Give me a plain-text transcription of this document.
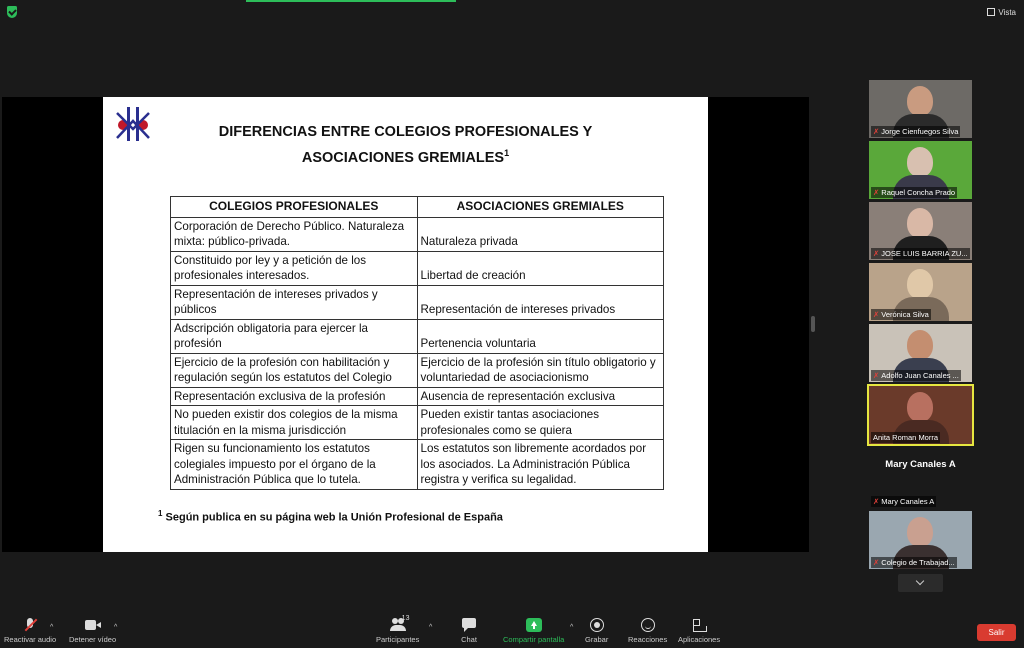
Vista
DIFERENCIAS ENTRE COLEGIOS PROFESIONALES Y
ASOCIACIONES GREMIALES$^1$
COLEGIOS PROFESIONALES	ASOCIACIONES GREMIALES
Corporación de Derecho Público. Naturaleza mixta: público-privada.	Naturaleza privada
Constituido por ley y a petición de los profesionales interesados.	Libertad de creación
Representación de intereses privados y públicos	Representación de intereses privados
Adscripción obligatoria para ejercer la profesión	Pertenencia voluntaria
Ejercicio de la profesión con habilitación y regulación según los estatutos del Colegio	Ejercicio de la profesión sin título obligatorio y voluntariedad de asociacionismo
Representación exclusiva de la profesión	Ausencia de representación exclusiva
No pueden existir dos colegios de la misma titulación en la misma jurisdicción	Pueden existir tantas asociaciones profesionales como se quiera
Rigen su funcionamiento los estatutos colegiales impuesto por el órgano de la Administración Pública que lo tutela.	Los estatutos son libremente acordados por los asociados. La Administración Pública registra y verifica su legalidad.
$^1$ Según publica en su página web la Unión Profesional de España
✗ Jorge Cienfuegos Silva
✗ Raquel Concha Prado
✗ JOSE LUIS BARRIA ZU...
✗ Verónica Silva
✗ Adolfo Juan Canales ...
Anita Roman Morra
Mary Canales A
✗ Mary Canales A
✗ Colegio de Trabajad...
Reactivar audio
^
Detener vídeo
^
13
Participantes
^
Chat	Compartir pantalla
^
Grabar	Reacciones Aplicaciones
Salir
